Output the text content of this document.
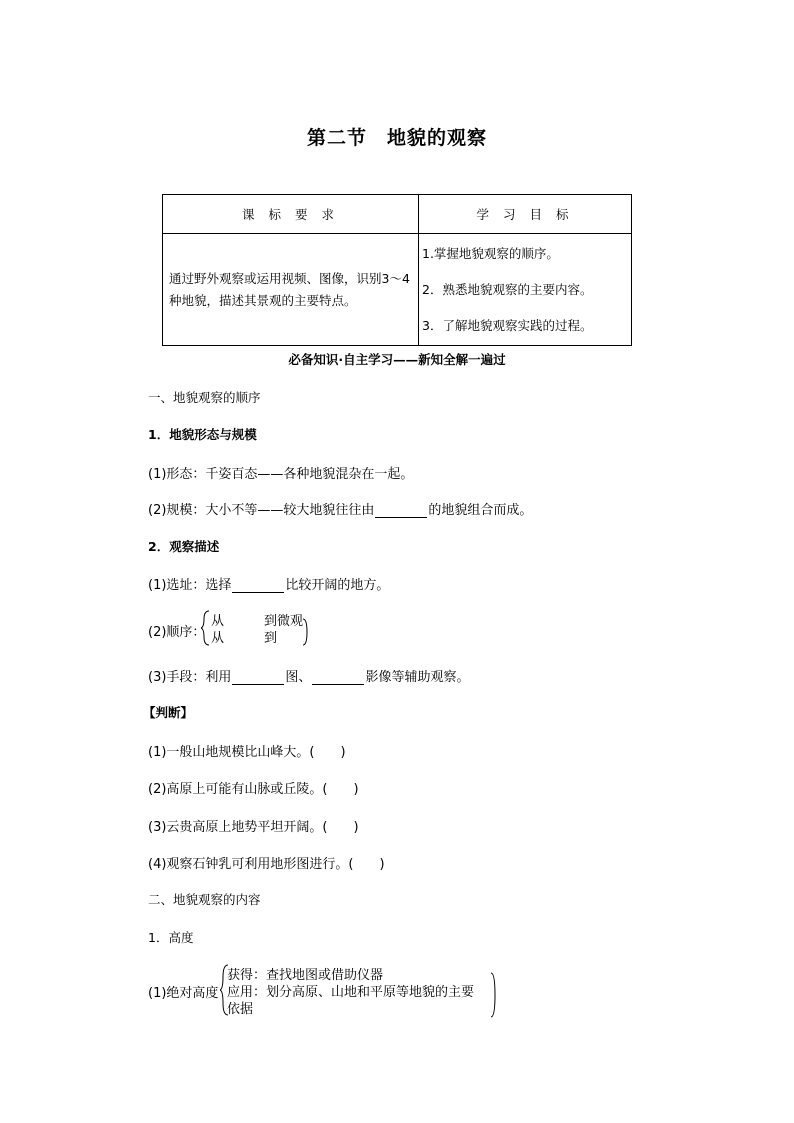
第二节　地貌的观察
课 标 要 求	学 习 目 标
通过野外观察或运用视频、图像，识别3～4种地貌，描述其景观的主要特点。	1.掌握地貌观察的顺序。
2．熟悉地貌观察的主要内容。
3．了解地貌观察实践的过程。
必备知识·自主学习——新知全解一遍过
一、地貌观察的顺序
1．地貌形态与规模
(1)形态：千姿百态——各种地貌混杂在一起。
(2)规模：大小不等——较大地貌往往由	的地貌组合而成。
2．观察描述
(1)选址：选择	比较开阔的地方。
(2)顺序：
从	到微观
从	到
(3)手段：利用	图、	影像等辅助观察。
【判断】
(1)一般山地规模比山峰大。(　　)
(2)高原上可能有山脉或丘陵。(　　)
(3)云贵高原上地势平坦开阔。(　　)
(4)观察石钟乳可利用地形图进行。(　　)
二、地貌观察的内容
1．高度
(1)绝对高度
获得：查找地图或借助仪器
应用：划分高原、山地和平原等地貌的主要
依据
